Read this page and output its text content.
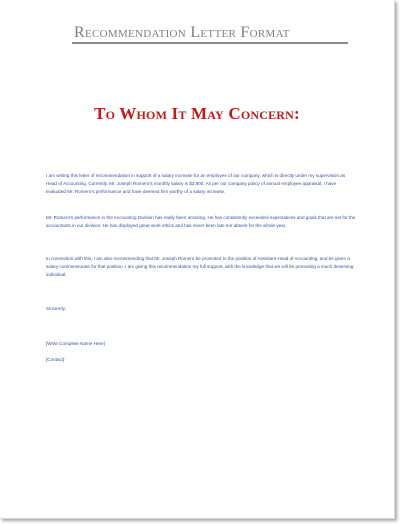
Recommendation Letter Format
To Whom It May Concern:
I am writing this letter of recommendation in support of a salary increase for an employee of our company, which is directly under my supervision as Head of Accounting. Currently, Mr. Joseph Romero's monthly salary is $3,900. As per our company policy of annual employee appraisal, I have evaluated Mr. Romero's performance and have deemed him worthy of a salary increase.
Mr. Romero's performance in the Accounting Division has really been amazing. He has consistently exceeded expectations and goals that are set for the accountants in our division. He has displayed great work ethics and has never been late nor absent for the whole year.
In connection with this, I am also recommending that Mr. Joseph Romero be promoted to the position of Assistant Head of Accounting, and be given a salary commensurate for that position. I am giving this recommendation my full support, with the knowledge that we will be promoting a much deserving individual.
Sincerely,
[Write Complete Name Here]
[Contact]
